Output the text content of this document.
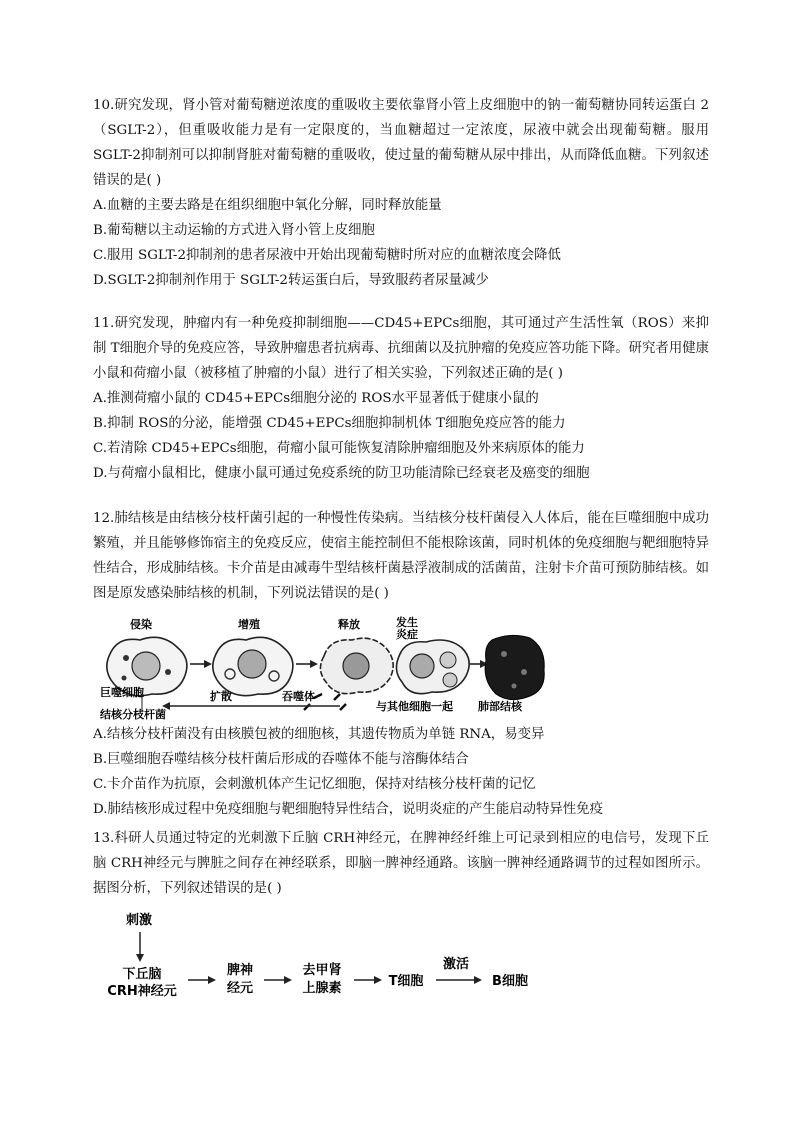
10.研究发现，肾小管对葡萄糖逆浓度的重吸收主要依靠肾小管上皮细胞中的钠一葡萄糖协同转运蛋白 2（SGLT-2），但重吸收能力是有一定限度的，当血糖超过一定浓度，尿液中就会出现葡萄糖。服用 SGLT-2抑制剂可以抑制肾脏对葡萄糖的重吸收，使过量的葡萄糖从尿中排出，从而降低血糖。下列叙述错误的是( )

A.血糖的主要去路是在组织细胞中氧化分解，同时释放能量

B.葡萄糖以主动运输的方式进入肾小管上皮细胞

C.服用 SGLT-2抑制剂的患者尿液中开始出现葡萄糖时所对应的血糖浓度会降低

D.SGLT-2抑制剂作用于 SGLT-2转运蛋白后，导致服药者尿量减少

11.研究发现，肿瘤内有一种免疫抑制细胞——CD45+EPCs细胞，其可通过产生活性氧（ROS）来抑制 T细胞介导的免疫应答，导致肿瘤患者抗病毒、抗细菌以及抗肿瘤的免疫应答功能下降。研究者用健康小鼠和荷瘤小鼠（被移植了肿瘤的小鼠）进行了相关实验，下列叙述正确的是( )

A.推测荷瘤小鼠的 CD45+EPCs细胞分泌的 ROS水平显著低于健康小鼠的

B.抑制 ROS的分泌，能增强 CD45+EPCs细胞抑制机体 T细胞免疫应答的能力

C.若清除 CD45+EPCs细胞，荷瘤小鼠可能恢复清除肿瘤细胞及外来病原体的能力

D.与荷瘤小鼠相比，健康小鼠可通过免疫系统的防卫功能清除已经衰老及癌变的细胞

12.肺结核是由结核分枝杆菌引起的一种慢性传染病。当结核分枝杆菌侵入人体后，能在巨噬细胞中成功繁殖，并且能够修饰宿主的免疫反应，使宿主能控制但不能根除该菌，同时机体的免疫细胞与靶细胞特异性结合，形成肺结核。卡介苗是由减毒牛型结核杆菌悬浮液制成的活菌苗，注射卡介苗可预防肺结核。如图是原发感染肺结核的机制，下列说法错误的是( )

侵染	增殖	释放	发生
炎症
巨噬细胞
结核分枝杆菌
扩散	吞噬体
与其他细胞一起 肺部结核

A.结核分枝杆菌没有由核膜包被的细胞核，其遗传物质为单链 RNA，易变异

B.巨噬细胞吞噬结核分枝杆菌后形成的吞噬体不能与溶酶体结合

C.卡介苗作为抗原，会刺激机体产生记忆细胞，保持对结核分枝杆菌的记忆

D.肺结核形成过程中免疫细胞与靶细胞特异性结合，说明炎症的产生能启动特异性免疫

13.科研人员通过特定的光刺激下丘脑 CRH神经元，在脾神经纤维上可记录到相应的电信号，发现下丘脑 CRH神经元与脾脏之间存在神经联系，即脑一脾神经通路。该脑一脾神经通路调节的过程如图所示。据图分析，下列叙述错误的是( )

刺激
下丘脑
CRH神经元
脾神
经元
去甲肾
上腺素	T细胞
激活
B细胞
